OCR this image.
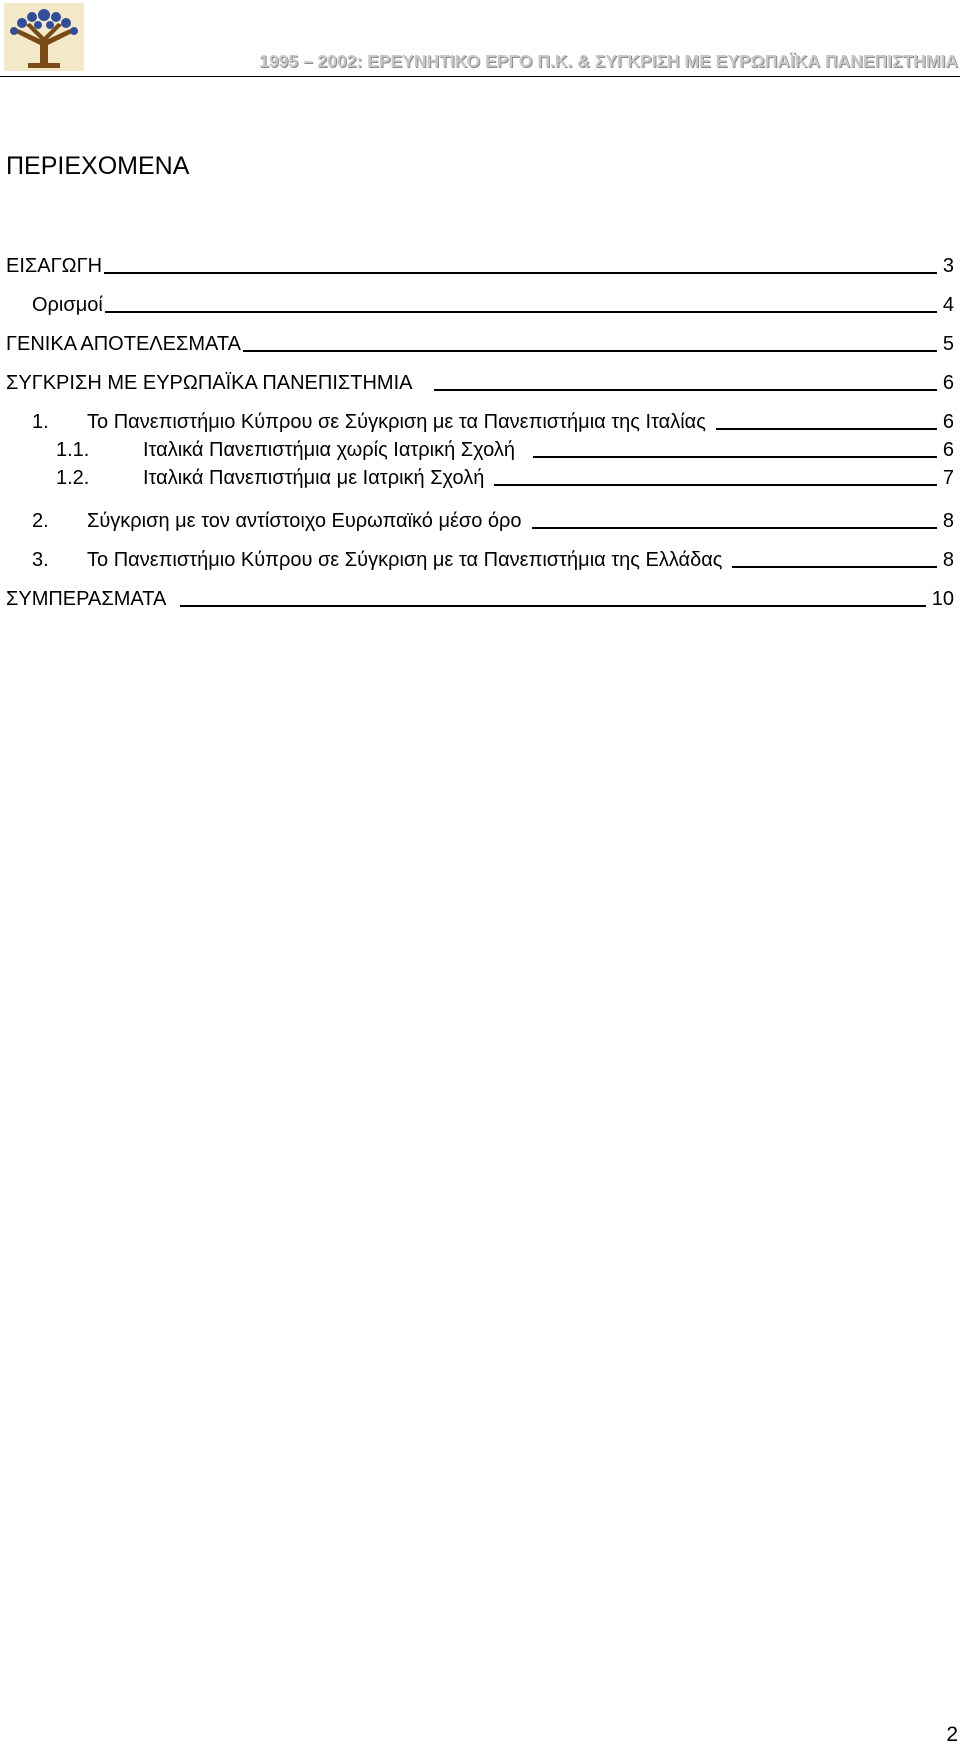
1995 – 2002: ΕΡΕΥΝΗΤΙΚΟ ΕΡΓΟ Π.Κ. & ΣΥΓΚΡΙΣΗ ΜΕ ΕΥΡΩΠΑΪΚΑ ΠΑΝΕΠΙΣΤΗΜΙΑ
ΠΕΡΙΕΧΟΜΕΝΑ
ΕΙΣΑΓΩΓΗ	3
Ορισμοί	4
ΓΕΝΙΚΑ ΑΠΟΤΕΛΕΣΜΑΤΑ	5
ΣΥΓΚΡΙΣΗ ΜΕ ΕΥΡΩΠΑΪΚΑ ΠΑΝΕΠΙΣΤΗΜΙΑ	6
1.	Το Πανεπιστήμιο Κύπρου σε Σύγκριση με τα Πανεπιστήμια της Ιταλίας	6
1.1.	Ιταλικά Πανεπιστήμια χωρίς Ιατρική Σχολή	6
1.2.	Ιταλικά Πανεπιστήμια με Ιατρική Σχολή	7
2.	Σύγκριση με τον αντίστοιχο Ευρωπαϊκό μέσο όρο	8
3.	Το Πανεπιστήμιο Κύπρου σε Σύγκριση με τα Πανεπιστήμια της Ελλάδας	8
ΣΥΜΠΕΡΑΣΜΑΤΑ	10
2
